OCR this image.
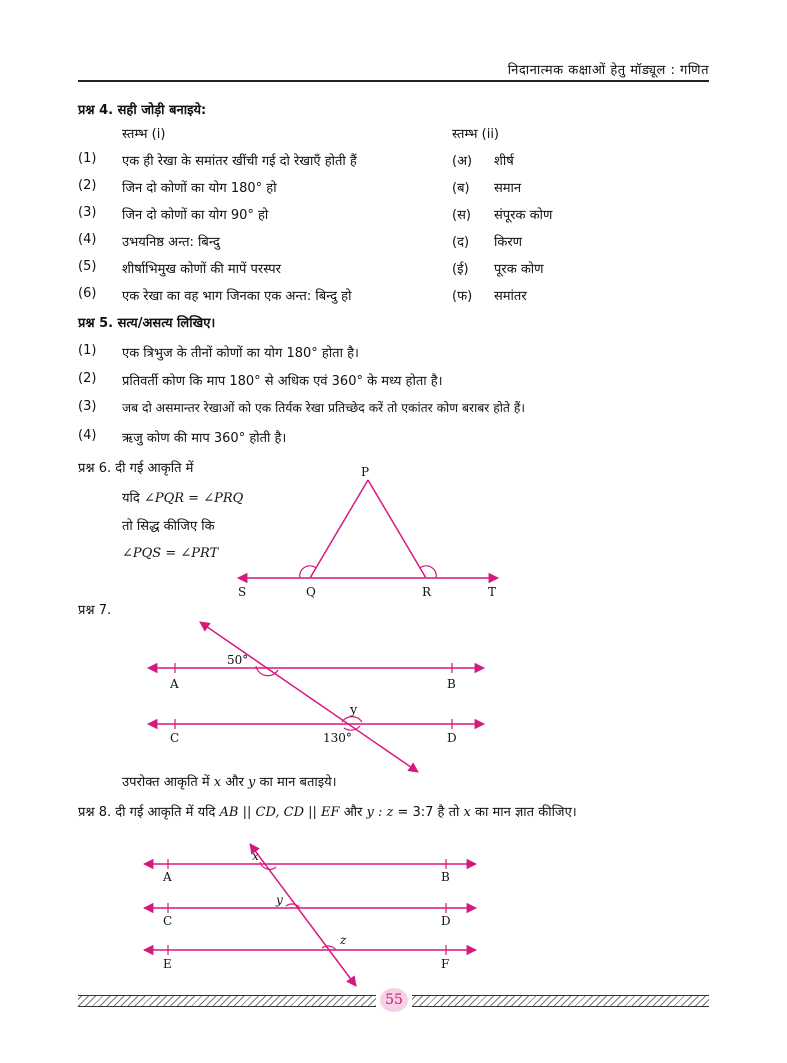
निदानात्मक कक्षाओं हेतु मॉड्यूल : गणित
प्रश्न 4. सही जोड़ी बनाइये:
स्तम्भ (i)	स्तम्भ (ii)
(1) एक ही रेखा के समांतर खींची गई दो रेखाएँ होती हैं	(अ) शीर्ष
(2) जिन दो कोणों का योग 180° हो	(ब) समान
(3) जिन दो कोणों का योग 90° हो	(स) संपूरक कोण
(4) उभयनिष्ठ अन्त: बिन्दु	(द) किरण
(5) शीर्षाभिमुख कोणों की मापें परस्पर	(ई) पूरक कोण
(6) एक रेखा का वह भाग जिनका एक अन्त: बिन्दु हो	(फ) समांतर
प्रश्न 5. सत्य/असत्य लिखिए।
(1) एक त्रिभुज के तीनों कोणों का योग 180° होता है।
(2) प्रतिवर्ती कोण कि माप 180° से अधिक एवं 360° के मध्य होता है।
(3) जब दो असमान्तर रेखाओं को एक तिर्यक रेखा प्रतिच्छेद करें तो एकांतर कोण बराबर होते हैं।
(4) ऋजु कोण की माप 360° होती है।
प्रश्न 6. दी गई आकृति में
यदि ∠PQR = ∠PRQ
तो सिद्ध कीजिए कि
∠PQS = ∠PRT
P
S	Q	R	T
प्रश्न 7.
50°
y
130°
A	B
C	D
उपरोक्त आकृति में x और y का मान बताइये।
प्रश्न 8. दी गई आकृति में यदि AB || CD, CD || EF और y : z = 3:7 है तो x का मान ज्ञात कीजिए।
x
y
z
A	B
C	D
E	F
55
